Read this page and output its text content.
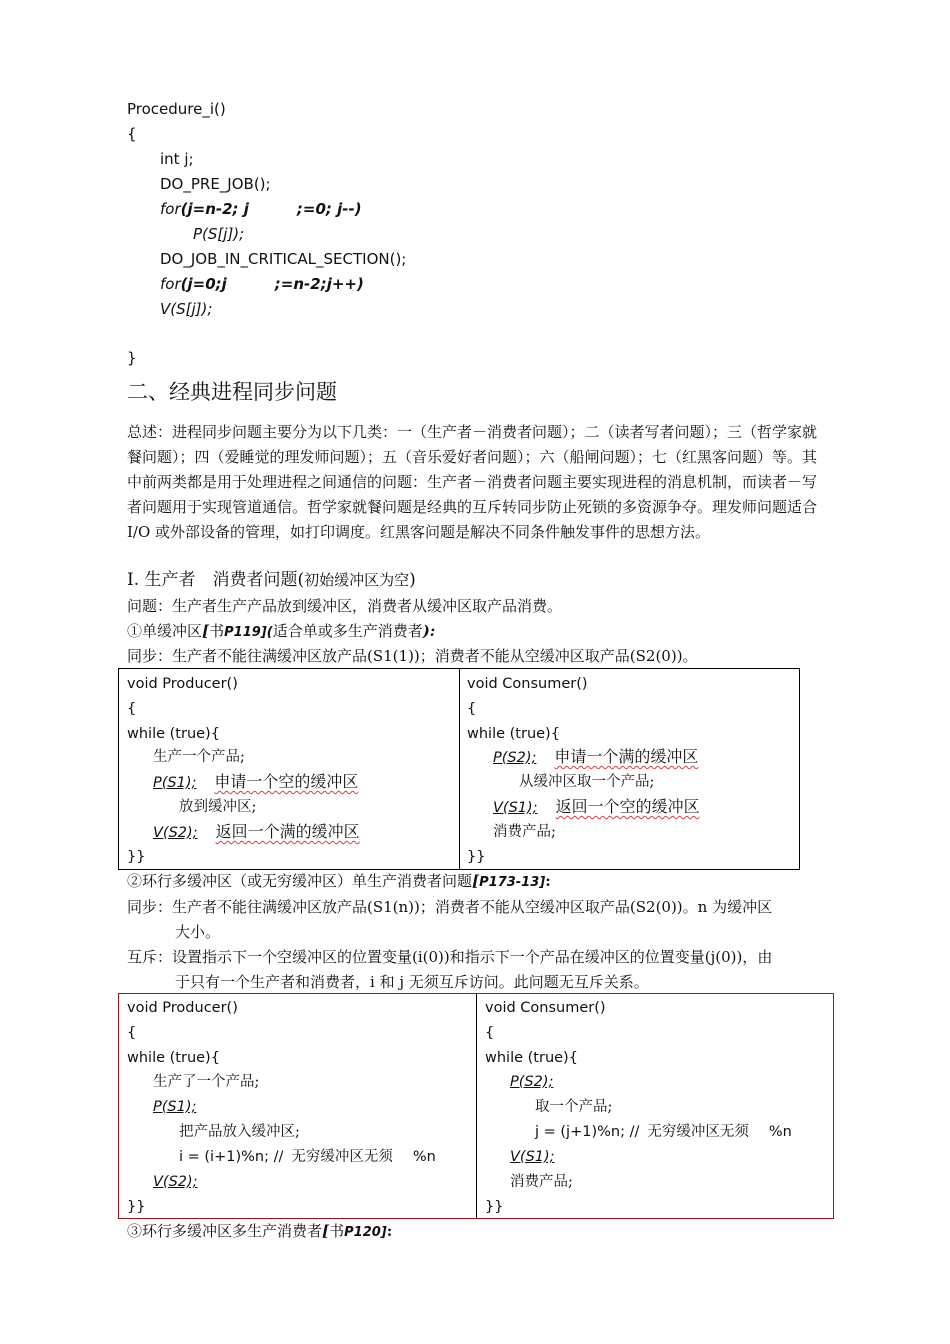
Procedure_i()
{
int j;
DO_PRE_JOB();
for(j=n-2; j	;=0; j--)
P(S[j]);
DO_JOB_IN_CRITICAL_SECTION();
for(j=0;j	;=n-2;j++)
V(S[j]);
}
二、经典进程同步问题
总述：进程同步问题主要分为以下几类：一（生产者－消费者问题）；二（读者写者问题）；三（哲学家就餐问题）；四（爱睡觉的理发师问题）；五（音乐爱好者问题）；六（船闸问题）；七（红黑客问题）等。其中前两类都是用于处理进程之间通信的问题：生产者－消费者问题主要实现进程的消息机制，而读者－写者问题用于实现管道通信。哲学家就餐问题是经典的互斥转同步防止死锁的多资源争夺。理发师问题适合 I/O 或外部设备的管理，如打印调度。红黑客问题是解决不同条件触发事件的思想方法。
I. 生产者　消费者问题(初始缓冲区为空)
问题：生产者生产产品放到缓冲区，消费者从缓冲区取产品消费。
①单缓冲区[书P119](适合单或多生产消费者):
同步：生产者不能往满缓冲区放产品(S1(1))；消费者不能从空缓冲区取产品(S2(0))。
void Producer()
{
while (true){
生产一个产品;
P(S1); 申请一个空的缓冲区
放到缓冲区;
V(S2); 返回一个满的缓冲区
}}
void Consumer()
{
while (true){
P(S2); 申请一个满的缓冲区
从缓冲区取一个产品;
V(S1); 返回一个空的缓冲区
消费产品;
}}
②环行多缓冲区（或无穷缓冲区）单生产消费者问题[P173-13]:
同步：生产者不能往满缓冲区放产品(S1(n))；消费者不能从空缓冲区取产品(S2(0))。n 为缓冲区
大小。
互斥：设置指示下一个空缓冲区的位置变量(i(0))和指示下一个产品在缓冲区的位置变量(j(0))，由
于只有一个生产者和消费者，i 和 j 无须互斥访问。此问题无互斥关系。
void Producer()
{
while (true){
生产了一个产品;
P(S1);
把产品放入缓冲区;
i = (i+1)%n; // 无穷缓冲区无须 %n
V(S2);
}}
void Consumer()
{
while (true){
P(S2);
取一个产品;
j = (j+1)%n; // 无穷缓冲区无须 %n
V(S1);
消费产品;
}}
③环行多缓冲区多生产消费者[书P120]:
